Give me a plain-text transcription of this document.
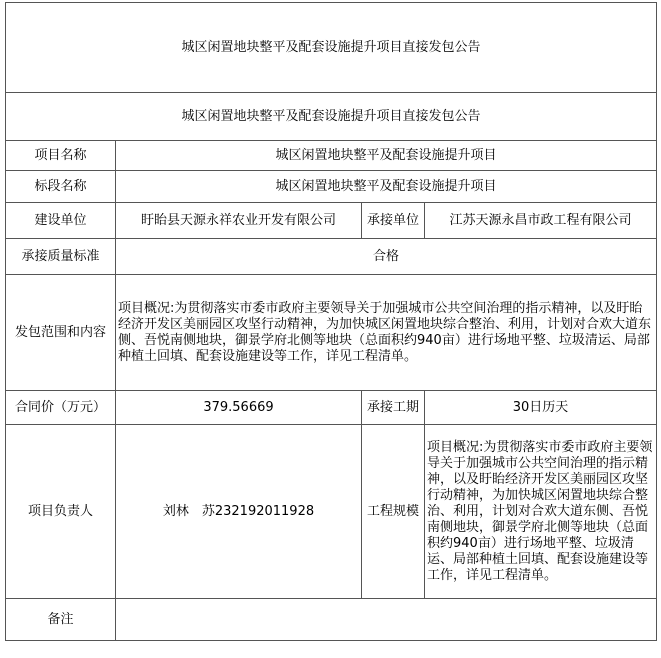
城区闲置地块整平及配套设施提升项目直接发包公告			
城区闲置地块整平及配套设施提升项目直接发包公告			
项目名称	城区闲置地块整平及配套设施提升项目		
标段名称	城区闲置地块整平及配套设施提升项目		
建设单位	盱眙县天源永祥农业开发有限公司	承接单位	江苏天源永昌市政工程有限公司
承接质量标准	合格		
发包范围和内容	项目概况:为贯彻落实市委市政府主要领导关于加强城市公共空间治理的指示精神，以及盱眙经济开发区美丽园区攻坚行动精神，为加快城区闲置地块综合整治、利用，计划对合欢大道东侧、吾悦南侧地块，御景学府北侧等地块（总面积约940亩）进行场地平整、垃圾清运、局部种植土回填、配套设施建设等工作，详见工程清单。		
合同价（万元）	379.56669	承接工期	30日历天
项目负责人	刘林　苏232192011928	工程规模	项目概况:为贯彻落实市委市政府主要领导关于加强城市公共空间治理的指示精神，以及盱眙经济开发区美丽园区攻坚行动精神，为加快城区闲置地块综合整治、利用，计划对合欢大道东侧、吾悦南侧地块，御景学府北侧等地块（总面积约940亩）进行场地平整、垃圾清运、局部种植土回填、配套设施建设等工作，详见工程清单。
备注			
